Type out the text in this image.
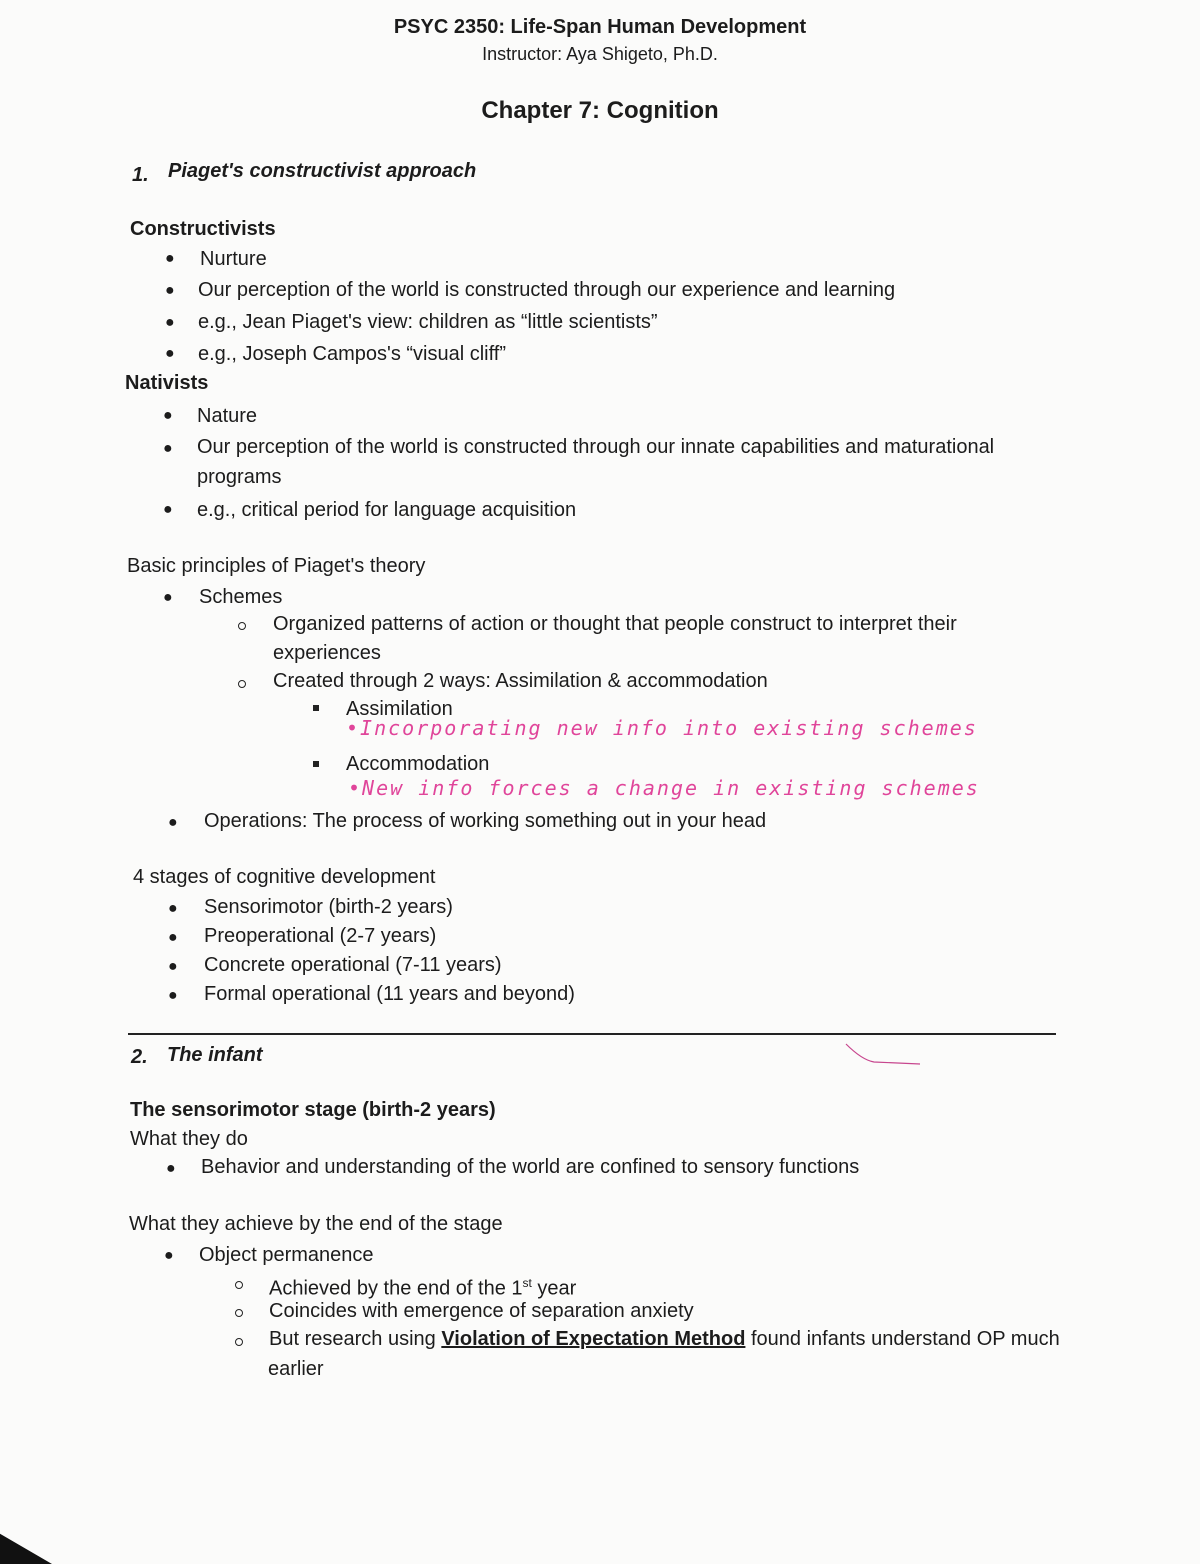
PSYC 2350: Life-Span Human Development
Instructor: Aya Shigeto, Ph.D.
Chapter 7: Cognition
1. Piaget's constructivist approach
Constructivists
● Nurture
● Our perception of the world is constructed through our experience and learning
● e.g., Jean Piaget's view: children as “little scientists”
● e.g., Joseph Campos's “visual cliff”
Nativists
● Nature
● Our perception of the world is constructed through our innate capabilities and maturational
programs
● e.g., critical period for language acquisition
Basic principles of Piaget's theory
● Schemes
Organized patterns of action or thought that people construct to interpret their
experiences
Created through 2 ways: Assimilation & accommodation
Assimilation
•Incorporating new info into existing schemes
Accommodation
•New info forces a change in existing schemes
● Operations: The process of working something out in your head
4 stages of cognitive development
● Sensorimotor (birth-2 years)
● Preoperational (2-7 years)
● Concrete operational (7-11 years)
● Formal operational (11 years and beyond)
2. The infant
The sensorimotor stage (birth-2 years)
What they do
● Behavior and understanding of the world are confined to sensory functions
What they achieve by the end of the stage
● Object permanence
Achieved by the end of the 1st year
Coincides with emergence of separation anxiety
But research using Violation of Expectation Method found infants understand OP much
earlier
